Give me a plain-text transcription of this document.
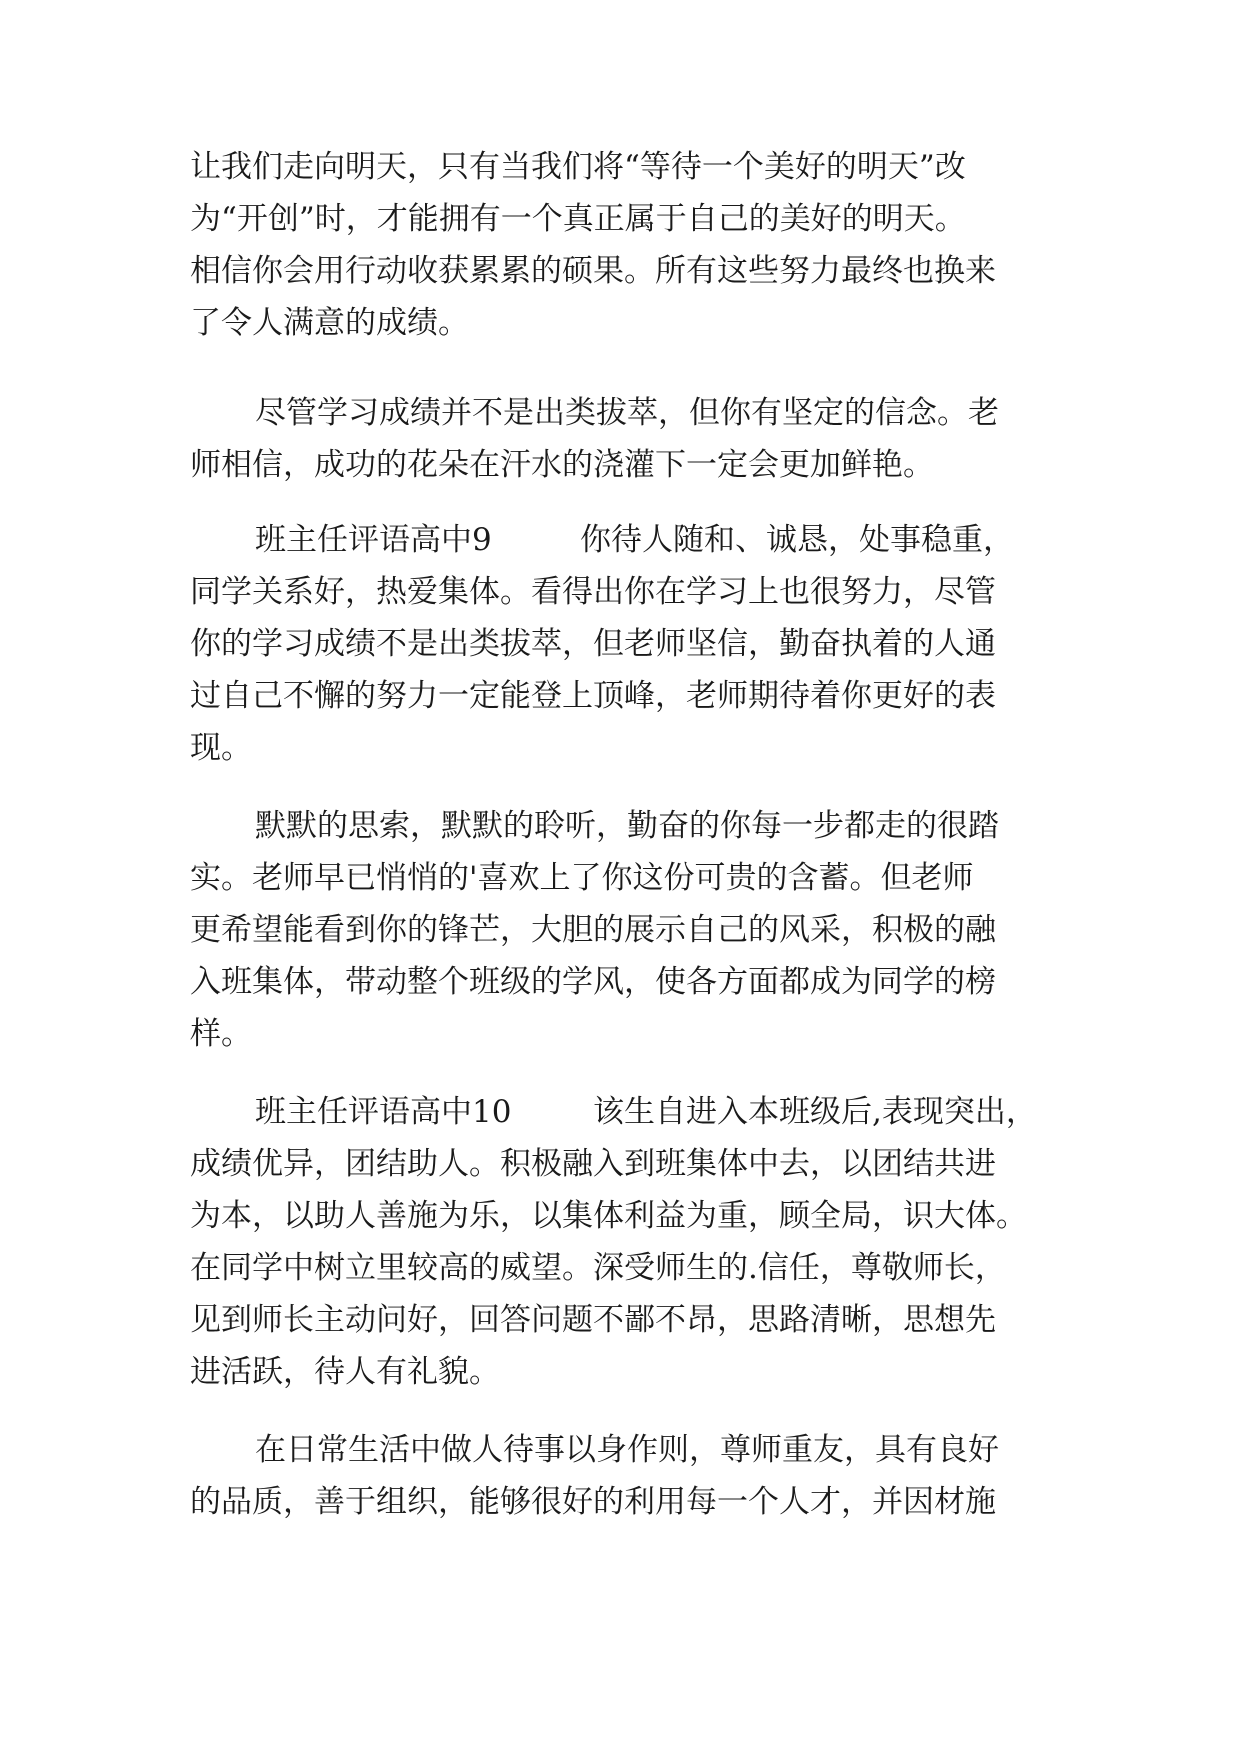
让我们走向明天，只有当我们将“等待一个美好的明天”改
为“开创”时，才能拥有一个真正属于自己的美好的明天。
相信你会用行动收获累累的硕果。所有这些努力最终也换来
了令人满意的成绩。
尽管学习成绩并不是出类拔萃，但你有坚定的信念。老
师相信，成功的花朵在汗水的浇灌下一定会更加鲜艳。
班主任评语高中9	你待人随和、诚恳，处事稳重，
同学关系好，热爱集体。看得出你在学习上也很努力，尽管
你的学习成绩不是出类拔萃，但老师坚信，勤奋执着的人通
过自己不懈的努力一定能登上顶峰，老师期待着你更好的表
现。
默默的思索，默默的聆听，勤奋的你每一步都走的很踏
实。老师早已悄悄的'喜欢上了你这份可贵的含蓄。但老师
更希望能看到你的锋芒，大胆的展示自己的风采，积极的融
入班集体，带动整个班级的学风，使各方面都成为同学的榜
样。
班主任评语高中10	该生自进入本班级后,表现突出，
成绩优异，团结助人。积极融入到班集体中去，以团结共进
为本，以助人善施为乐，以集体利益为重，顾全局，识大体。
在同学中树立里较高的威望。深受师生的.信任，尊敬师长，
见到师长主动问好，回答问题不鄙不昂，思路清晰，思想先
进活跃，待人有礼貌。
在日常生活中做人待事以身作则，尊师重友，具有良好
的品质，善于组织，能够很好的利用每一个人才，并因材施
